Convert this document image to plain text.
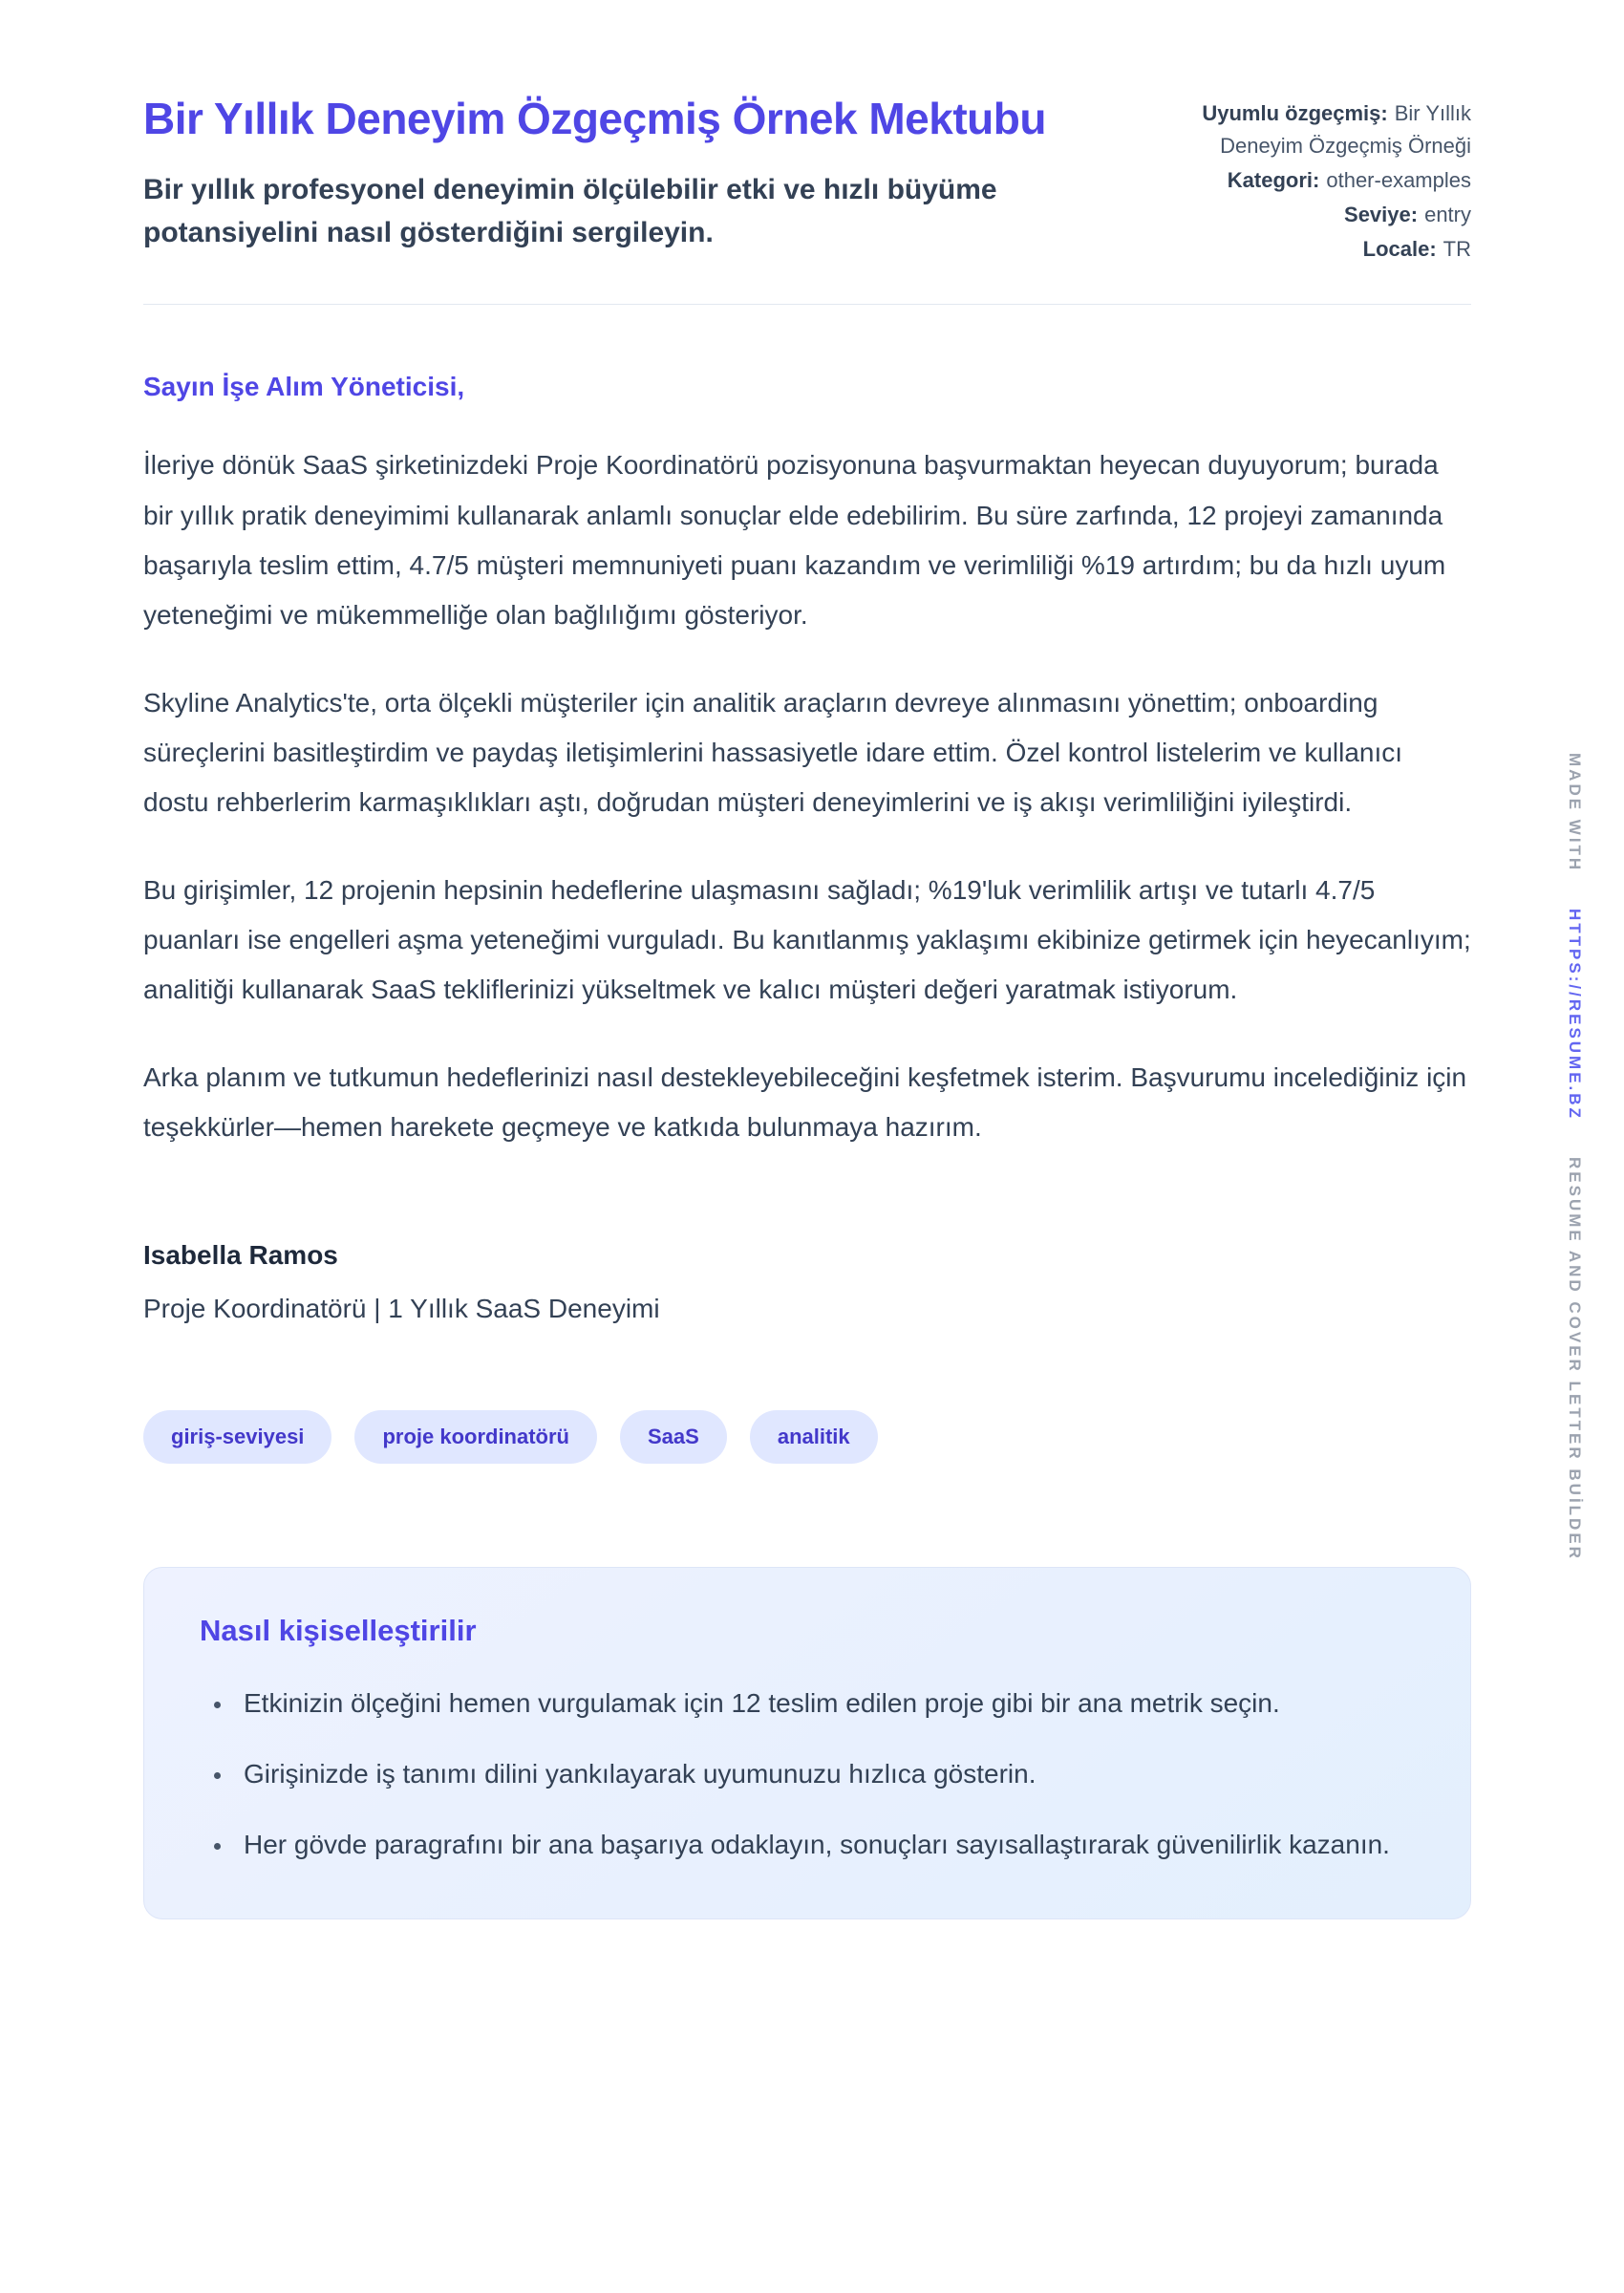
Bir Yıllık Deneyim Özgeçmiş Örnek Mektubu

Bir yıllık profesyonel deneyimin ölçülebilir etki ve hızlı büyüme potansiyelini nasıl gösterdiğini sergileyin.

Uyumlu özgeçmiş: Bir Yıllık Deneyim Özgeçmiş Örneği
Kategori: other-examples
Seviye: entry
Locale: TR

Sayın İşe Alım Yöneticisi,

İleriye dönük SaaS şirketinizdeki Proje Koordinatörü pozisyonuna başvurmaktan heyecan duyuyorum; burada bir yıllık pratik deneyimimi kullanarak anlamlı sonuçlar elde edebilirim. Bu süre zarfında, 12 projeyi zamanında başarıyla teslim ettim, 4.7/5 müşteri memnuniyeti puanı kazandım ve verimliliği %19 artırdım; bu da hızlı uyum yeteneğimi ve mükemmelliğe olan bağlılığımı gösteriyor.

Skyline Analytics'te, orta ölçekli müşteriler için analitik araçların devreye alınmasını yönettim; onboarding süreçlerini basitleştirdim ve paydaş iletişimlerini hassasiyetle idare ettim. Özel kontrol listelerim ve kullanıcı dostu rehberlerim karmaşıklıkları aştı, doğrudan müşteri deneyimlerini ve iş akışı verimliliğini iyileştirdi.

Bu girişimler, 12 projenin hepsinin hedeflerine ulaşmasını sağladı; %19'luk verimlilik artışı ve tutarlı 4.7/5 puanları ise engelleri aşma yeteneğimi vurguladı. Bu kanıtlanmış yaklaşımı ekibinize getirmek için heyecanlıyım; analitiği kullanarak SaaS tekliflerinizi yükseltmek ve kalıcı müşteri değeri yaratmak istiyorum.

Arka planım ve tutkumun hedeflerinizi nasıl destekleyebileceğini keşfetmek isterim. Başvurumu incelediğiniz için teşekkürler—hemen harekete geçmeye ve katkıda bulunmaya hazırım.

Isabella Ramos

Proje Koordinatörü | 1 Yıllık SaaS Deneyimi

giriş-seviyesi	proje koordinatörü	SaaS	analitik
Nasıl kişiselleştirilir
• Etkinizin ölçeğini hemen vurgulamak için 12 teslim edilen proje gibi bir ana metrik seçin.
• Girişinizde iş tanımı dilini yankılayarak uyumunuzu hızlıca gösterin.
• Her gövde paragrafını bir ana başarıya odaklayın, sonuçları sayısallaştırarak güvenilirlik kazanın.
MADE WITH HTTPS://RESUME.BZ RESUME AND COVER LETTER BUİLDER
